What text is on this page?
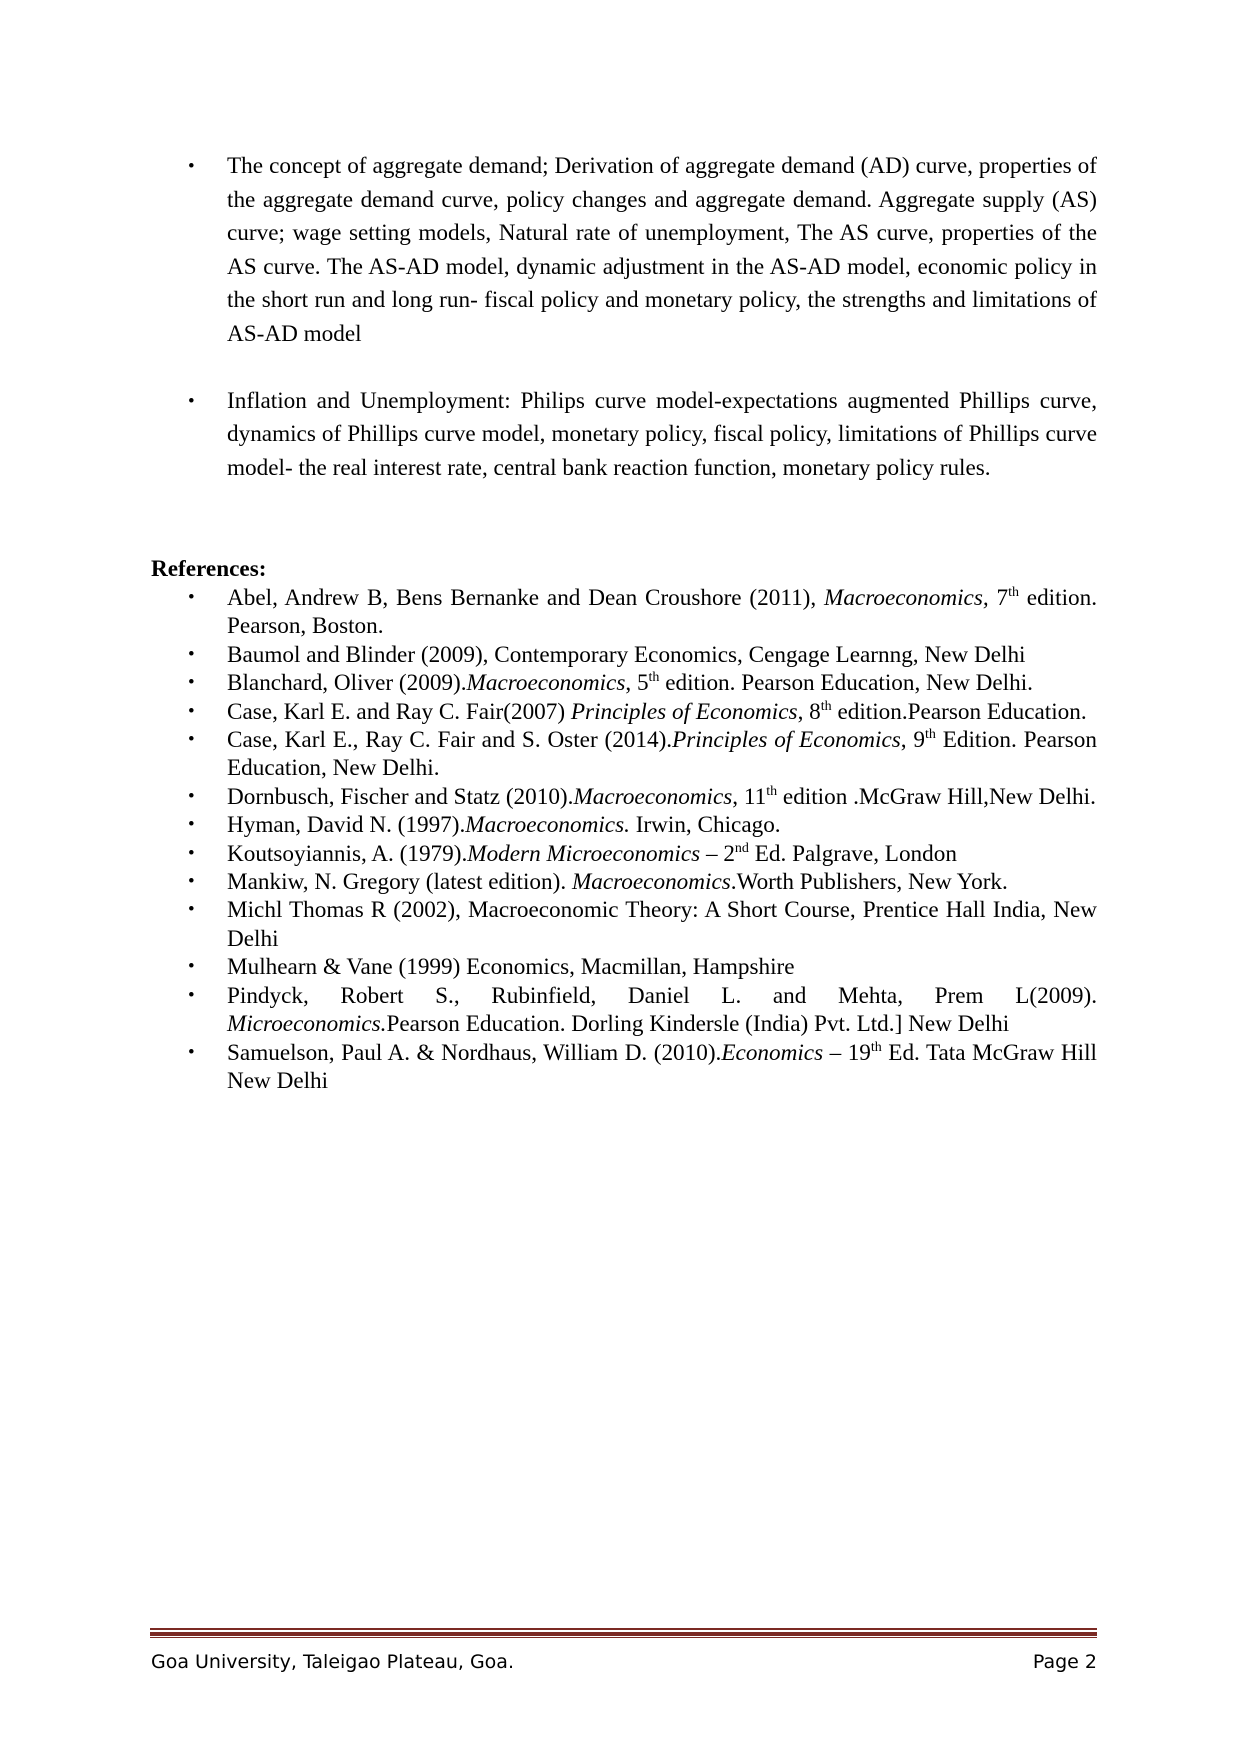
• The concept of aggregate demand; Derivation of aggregate demand (AD) curve, properties of the aggregate demand curve, policy changes and aggregate demand. Aggregate supply (AS) curve; wage setting models, Natural rate of unemployment, The AS curve, properties of the AS curve. The AS-AD model, dynamic adjustment in the AS-AD model, economic policy in the short run and long run- fiscal policy and monetary policy, the strengths and limitations of AS-AD model
• Inflation and Unemployment: Philips curve model-expectations augmented Phillips curve, dynamics of Phillips curve model, monetary policy, fiscal policy, limitations of Phillips curve model- the real interest rate, central bank reaction function, monetary policy rules.
References:
• Abel, Andrew B, Bens Bernanke and Dean Croushore (2011), Macroeconomics, 7th edition. Pearson, Boston.
• Baumol and Blinder (2009), Contemporary Economics, Cengage Learnng, New Delhi
• Blanchard, Oliver (2009).Macroeconomics, 5th edition. Pearson Education, New Delhi.
• Case, Karl E. and Ray C. Fair(2007) Principles of Economics, 8th edition.Pearson Education.
• Case, Karl E., Ray C. Fair and S. Oster (2014).Principles of Economics, 9th Edition. Pearson Education, New Delhi.
• Dornbusch, Fischer and Statz (2010).Macroeconomics, 11th edition .McGraw Hill,New Delhi.
• Hyman, David N. (1997).Macroeconomics. Irwin, Chicago.
• Koutsoyiannis, A. (1979).Modern Microeconomics – 2nd Ed. Palgrave, London
• Mankiw, N. Gregory (latest edition). Macroeconomics.Worth Publishers, New York.
• Michl Thomas R (2002), Macroeconomic Theory: A Short Course, Prentice Hall India, New Delhi
• Mulhearn & Vane (1999) Economics, Macmillan, Hampshire
• Pindyck, Robert S., Rubinfield, Daniel L. and Mehta, Prem L(2009). Microeconomics.Pearson Education. Dorling Kindersle (India) Pvt. Ltd.] New Delhi
• Samuelson, Paul A. & Nordhaus, William D. (2010).Economics – 19th Ed. Tata McGraw Hill New Delhi
Goa University, Taleigao Plateau, Goa.	Page 2
